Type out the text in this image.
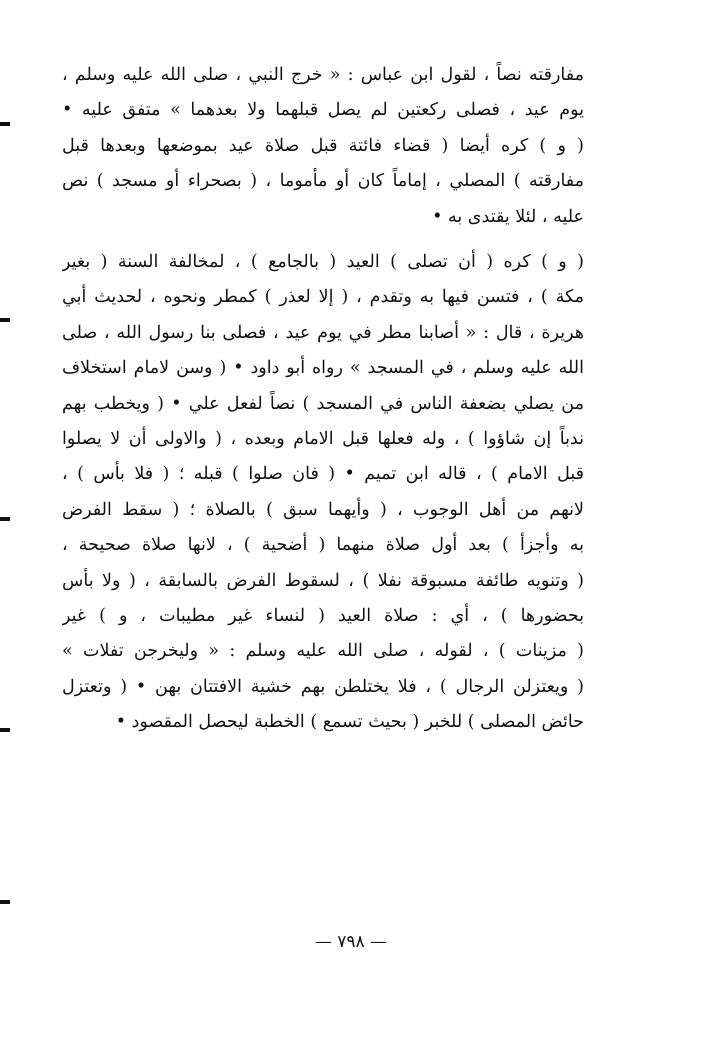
مفارقته نصاً ، لقول ابن عباس : « خرج النبي ، صلى الله عليه وسلم ،
يوم عيد ، فصلى ركعتين لم يصل قبلهما ولا بعدهما » متفق عليه •
( و ) كره أيضا ( قضاء فائتة قبل صلاة عيد بموضعها وبعدها قبل
مفارقته ) المصلي ، إماماً كان أو مأموما ، ( بصحراء أو مسجد ) نص
عليه ، لئلا يقتدى به •
( و ) كره ( أن تصلى ) العيد ( بالجامع ) ، لمخالفة السنة ( بغير
مكة ) ، فتسن فيها به وتقدم ، ( إلا لعذر ) كمطر ونحوه ، لحديث أبي
هريرة ، قال : « أصابنا مطر في يوم عيد ، فصلى بنا رسول الله ، صلى
الله عليه وسلم ، في المسجد » رواه أبو داود • ( وسن لامام استخلاف
من يصلي بضعفة الناس في المسجد ) نصاً لفعل علي • ( ويخطب بهم
ندباً إن شاؤوا ) ، وله فعلها قبل الامام وبعده ، ( والاولى أن لا يصلوا
قبل الامام ) ، قاله ابن تميم • ( فان صلوا ) قبله ؛ ( فلا بأس ) ،
لانهم من أهل الوجوب ، ( وأيهما سبق ) بالصلاة ؛ ( سقط الفرض
به وأجزأ ) بعد أول صلاة منهما ( أضحية ) ، لانها صلاة صحيحة ،
( وتنويه طائفة مسبوقة نفلا ) ، لسقوط الفرض بالسابقة ، ( ولا بأس
بحضورها ) ، أي : صلاة العيد ( لنساء غير مطيبات ، و ) غير
( مزينات ) ، لقوله ، صلى الله عليه وسلم : « وليخرجن تفلات »
( ويعتزلن الرجال ) ، فلا يختلطن بهم خشية الافتتان بهن • ( وتعتزل
حائض المصلى ) للخبر ( بحيث تسمع ) الخطبة ليحصل المقصود •
— ٧٩٨ —
